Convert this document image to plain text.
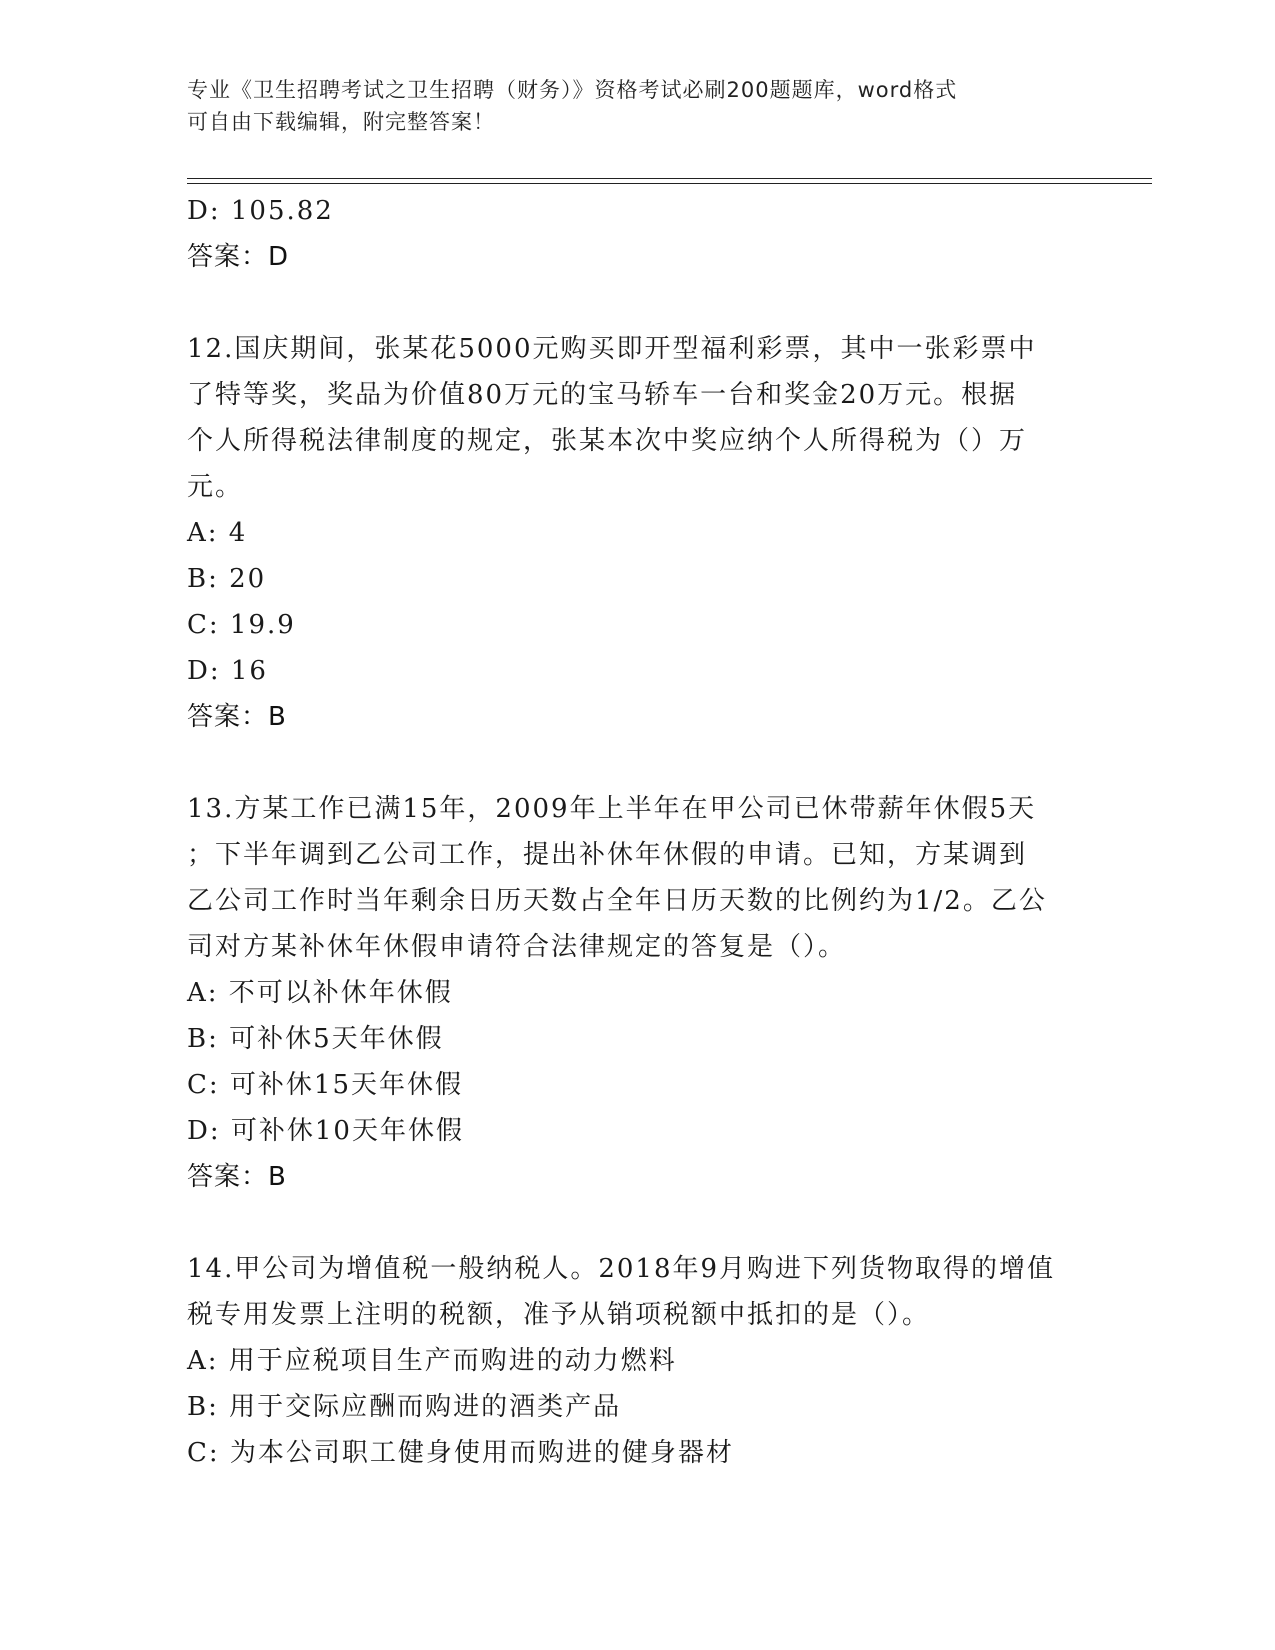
专业《卫生招聘考试之卫生招聘（财务）》资格考试必刷200题题库，word格式
可自由下载编辑，附完整答案！
D: 105.82
答案：D
12.国庆期间，张某花5000元购买即开型福利彩票，其中一张彩票中
了特等奖，奖品为价值80万元的宝马轿车一台和奖金20万元。根据
个人所得税法律制度的规定，张某本次中奖应纳个人所得税为（）万
元。
A: 4
B: 20
C: 19.9
D: 16
答案：B
13.方某工作已满15年，2009年上半年在甲公司已休带薪年休假5天
；下半年调到乙公司工作，提出补休年休假的申请。已知，方某调到
乙公司工作时当年剩余日历天数占全年日历天数的比例约为1/2。乙公
司对方某补休年休假申请符合法律规定的答复是（）。
A: 不可以补休年休假
B: 可补休5天年休假
C: 可补休15天年休假
D: 可补休10天年休假
答案：B
14.甲公司为增值税一般纳税人。2018年9月购进下列货物取得的增值
税专用发票上注明的税额，准予从销项税额中抵扣的是（）。
A: 用于应税项目生产而购进的动力燃料
B: 用于交际应酬而购进的酒类产品
C: 为本公司职工健身使用而购进的健身器材
